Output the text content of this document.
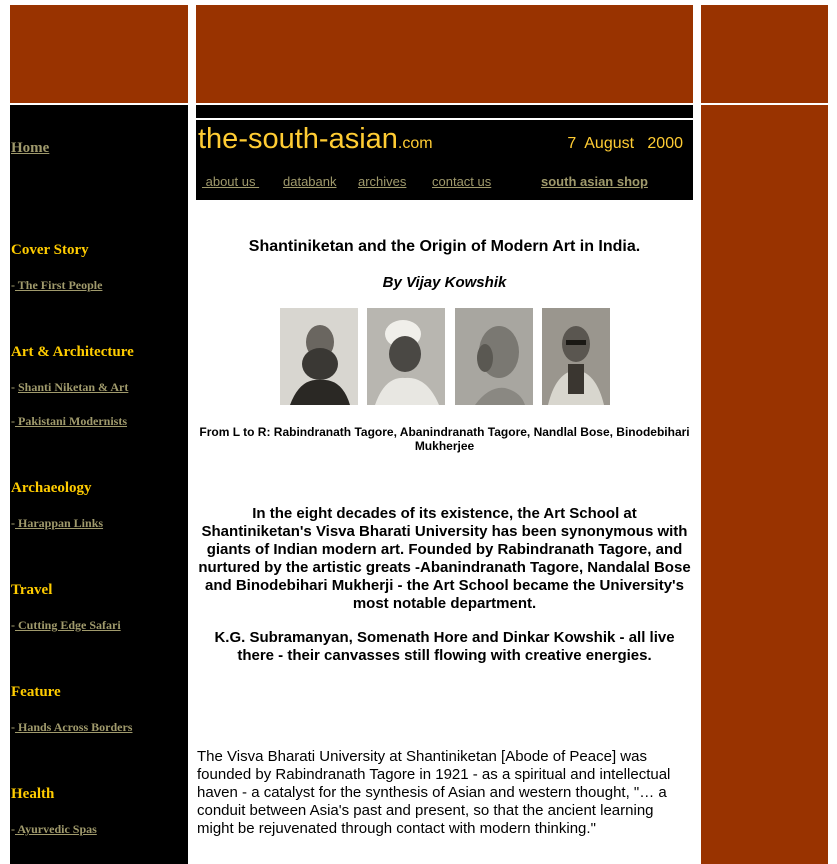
Home
Cover Story
- The First People
Art & Architecture
- Shanti Niketan & Art
- Pakistani Modernists
Archaeology
- Harappan Links
Travel
- Cutting Edge Safari
Feature
- Hands Across Borders
Health
- Ayurvedic Spas
the-south-asian.com	7  August   2000
about us databank archives contact us	south asian shop
Shantiniketan and the Origin of Modern Art in India.
By Vijay Kowshik
From L to R: Rabindranath Tagore, Abanindranath Tagore, Nandlal Bose, Binodebihari Mukherjee
In the eight decades of its existence, the Art School at Shantiniketan's Visva Bharati University has been synonymous with giants of Indian modern art. Founded by Rabindranath Tagore, and nurtured by the artistic greats -Abanindranath Tagore, Nandalal Bose and Binodebihari Mukherji - the Art School became the University's most notable department.
K.G. Subramanyan, Somenath Hore and Dinkar Kowshik - all live there - their canvasses still flowing with creative energies.
The Visva Bharati University at Shantiniketan [Abode of Peace] was founded by Rabindranath Tagore in 1921 - as a spiritual and intellectual haven - a catalyst for the synthesis of Asian and western thought, "… a conduit between Asia's past and present, so that the ancient learning might be rejuvenated through contact with modern thinking."
